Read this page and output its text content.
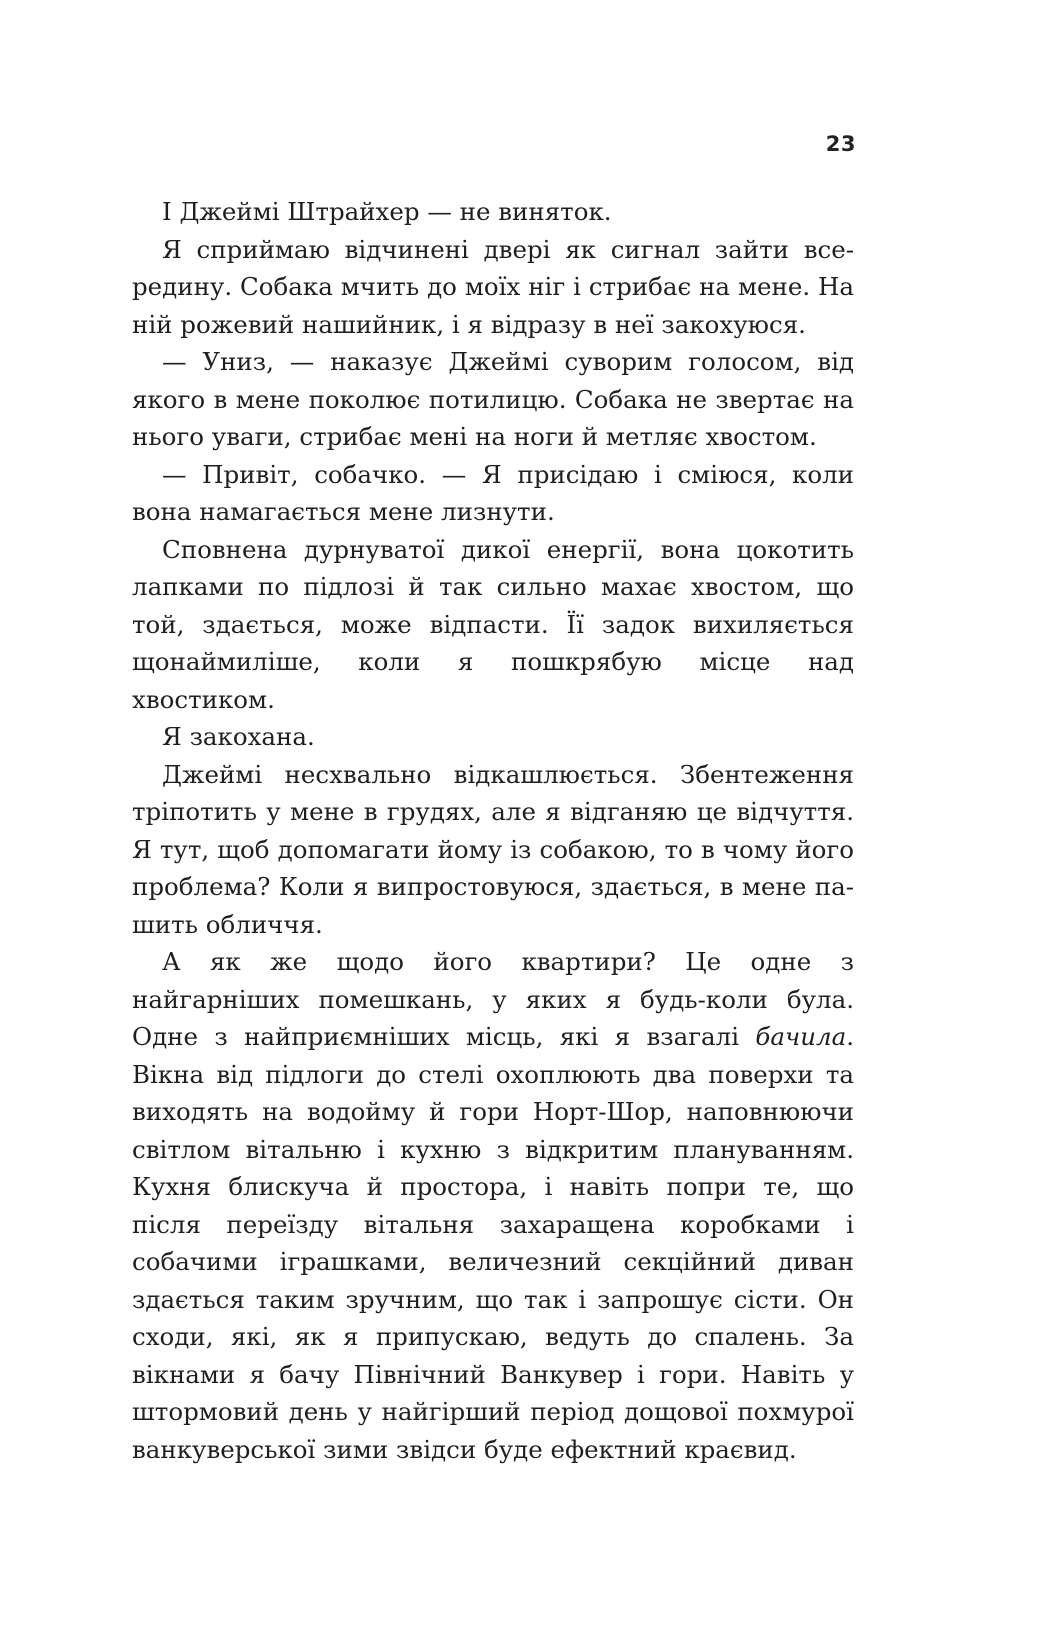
23

І Джеймі Штрайхер — не виняток.

Я сприймаю відчинені двері як сигнал зайти всередину. Собака мчить до моїх ніг і стрибає на мене. На ній рожевий нашийник, і я відразу в неї закохуюся.

— Униз, — наказує Джеймі суворим голосом, від якого в мене поколює потилицю. Собака не звертає на нього уваги, стрибає мені на ноги й метляє хвостом.

— Привіт, собачко. — Я присідаю і сміюся, коли вона намагається мене лизнути.

Сповнена дурнуватої дикої енергії, вона цокотить лапками по підлозі й так сильно махає хвостом, що той, здається, може відпасти. Її задок вихиляється щонаймиліше, коли я пошкрябую місце над хвостиком.

Я закохана.

Джеймі несхвально відкашлюється. Збентеження тріпотить у мене в грудях, але я відганяю це відчуття. Я тут, щоб допомагати йому із собакою, то в чому його проблема? Коли я випростовуюся, здається, в мене пашить обличчя.

А як же щодо його квартири? Це одне з найгарніших помешкань, у яких я будь-коли була. Одне з найприємніших місць, які я взагалі бачила. Вікна від підлоги до стелі охоплюють два поверхи та виходять на водойму й гори Норт-Шор, наповнюючи світлом вітальню і кухню з відкритим плануванням. Кухня блискуча й простора, і навіть попри те, що після переїзду вітальня захаращена коробками і собачими іграшками, величезний секційний диван здається таким зручним, що так і запрошує сісти. Он сходи, які, як я припускаю, ведуть до спалень. За вікнами я бачу Північний Ванкувер і гори. Навіть у штормовий день у найгірший період дощової похмурої ванкуверської зими звідси буде ефектний краєвид.
